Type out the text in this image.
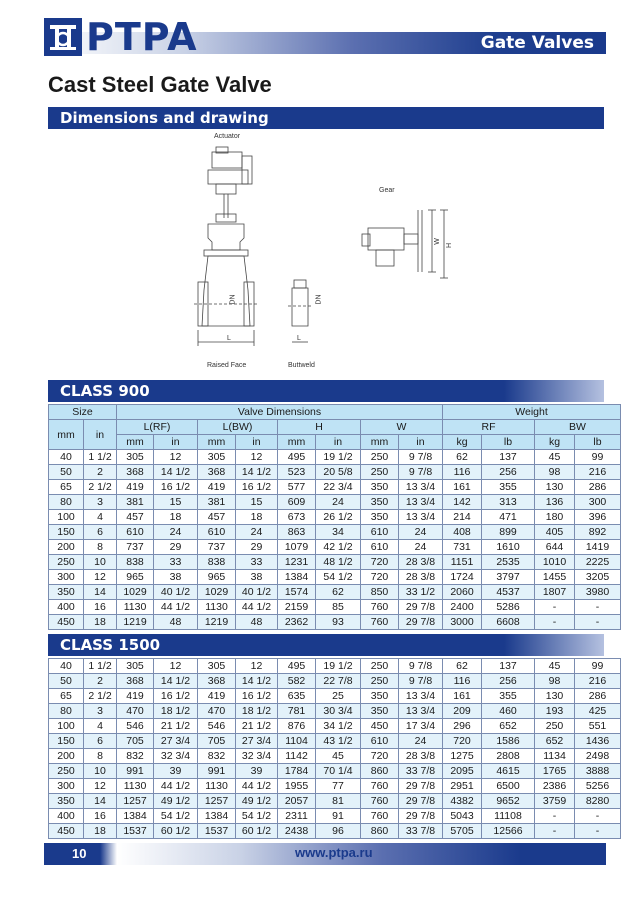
PTPA	Gate Valves
Cast Steel Gate Valve
Dimensions and drawing
Actuator
Gear
Raised Face	Buttweld
L	L
DN	DN
W
H
CLASS 900
Size		Valve Dimensions								Weight			
mm	in	L(RF)		L(BW)		H		W		RF		BW	
		mm	in	mm	in	mm	in	mm	in	kg	lb	kg	lb
40	1 1/2	305	12	305	12	495	19 1/2	250	9 7/8	62	137	45	99
50	2	368	14 1/2	368	14 1/2	523	20 5/8	250	9 7/8	116	256	98	216
65	2 1/2	419	16 1/2	419	16 1/2	577	22 3/4	350	13 3/4	161	355	130	286
80	3	381	15	381	15	609	24	350	13 3/4	142	313	136	300
100	4	457	18	457	18	673	26 1/2	350	13 3/4	214	471	180	396
150	6	610	24	610	24	863	34	610	24	408	899	405	892
200	8	737	29	737	29	1079	42 1/2	610	24	731	1610	644	1419
250	10	838	33	838	33	1231	48 1/2	720	28 3/8	1151	2535	1010	2225
300	12	965	38	965	38	1384	54 1/2	720	28 3/8	1724	3797	1455	3205
350	14	1029	40 1/2	1029	40 1/2	1574	62	850	33 1/2	2060	4537	1807	3980
400	16	1130	44 1/2	1130	44 1/2	2159	85	760	29 7/8	2400	5286	-	-
450	18	1219	48	1219	48	2362	93	760	29 7/8	3000	6608	-	-
CLASS 1500
40	1 1/2	305	12	305	12	495	19 1/2	250	9 7/8	62	137	45	99
50	2	368	14 1/2	368	14 1/2	582	22 7/8	250	9 7/8	116	256	98	216
65	2 1/2	419	16 1/2	419	16 1/2	635	25	350	13 3/4	161	355	130	286
80	3	470	18 1/2	470	18 1/2	781	30 3/4	350	13 3/4	209	460	193	425
100	4	546	21 1/2	546	21 1/2	876	34 1/2	450	17 3/4	296	652	250	551
150	6	705	27 3/4	705	27 3/4	1104	43 1/2	610	24	720	1586	652	1436
200	8	832	32 3/4	832	32 3/4	1142	45	720	28 3/8	1275	2808	1134	2498
250	10	991	39	991	39	1784	70 1/4	860	33 7/8	2095	4615	1765	3888
300	12	1130	44 1/2	1130	44 1/2	1955	77	760	29 7/8	2951	6500	2386	5256
350	14	1257	49 1/2	1257	49 1/2	2057	81	760	29 7/8	4382	9652	3759	8280
400	16	1384	54 1/2	1384	54 1/2	2311	91	760	29 7/8	5043	11108	-	-
450	18	1537	60 1/2	1537	60 1/2	2438	96	860	33 7/8	5705	12566	-	-
10	www.ptpa.ru
